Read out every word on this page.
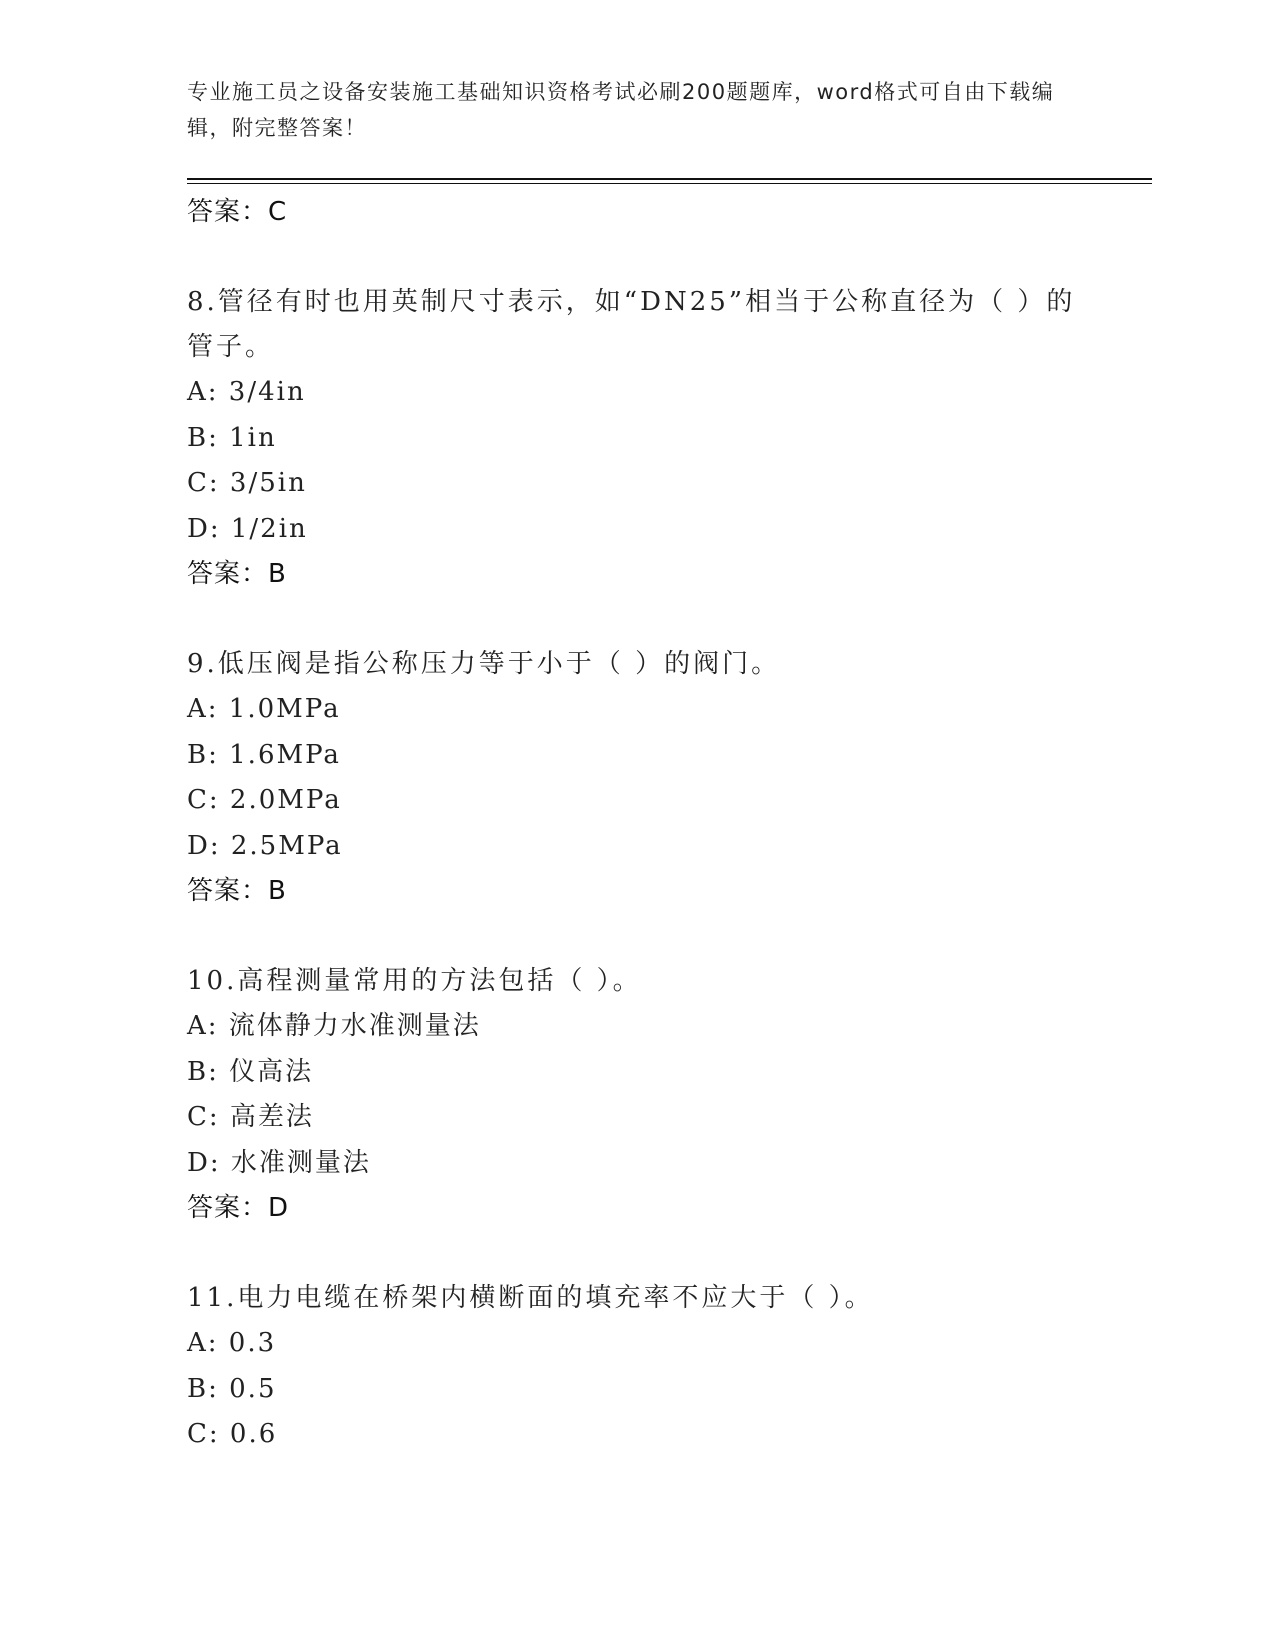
专业施工员之设备安装施工基础知识资格考试必刷200题题库，word格式可自由下载编辑，附完整答案！
答案：C
8.管径有时也用英制尺寸表示，如“DN25”相当于公称直径为（ ）的管子。
A: 3/4in
B: 1in
C: 3/5in
D: 1/2in
答案：B
9.低压阀是指公称压力等于小于（ ）的阀门。
A: 1.0MPa
B: 1.6MPa
C: 2.0MPa
D: 2.5MPa
答案：B
10.高程测量常用的方法包括（ ）。
A: 流体静力水准测量法
B: 仪高法
C: 高差法
D: 水准测量法
答案：D
11.电力电缆在桥架内横断面的填充率不应大于（ ）。
A: 0.3
B: 0.5
C: 0.6
